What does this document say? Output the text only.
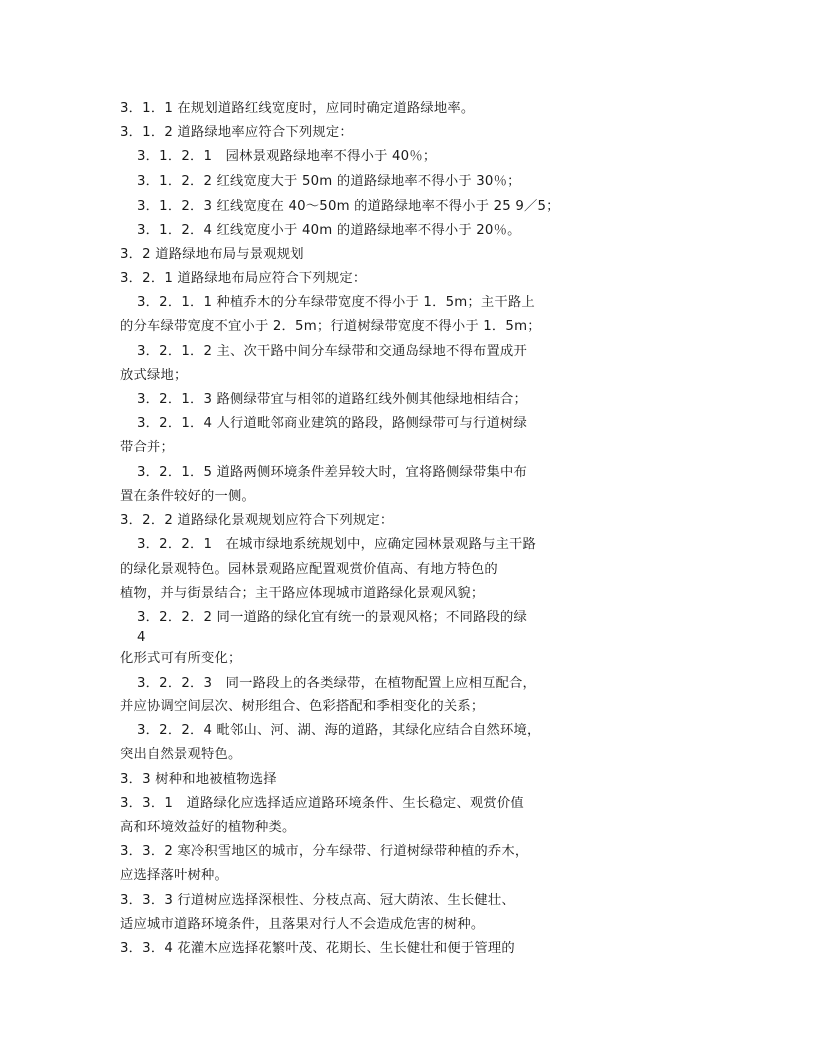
3．1．1 在规划道路红线宽度时，应同时确定道路绿地率。
3．1．2 道路绿地率应符合下列规定：
3．1．2．1　园林景观路绿地率不得小于 40％；
3．1．2．2 红线宽度大于 50m 的道路绿地率不得小于 30％；
3．1．2．3 红线宽度在 40～50m 的道路绿地率不得小于 25 9／5；
3．1．2．4 红线宽度小于 40m 的道路绿地率不得小于 20％。
3．2 道路绿地布局与景观规划
3．2．1 道路绿地布局应符合下列规定：
3．2．1．1 种植乔木的分车绿带宽度不得小于 1．5m；主干路上
的分车绿带宽度不宜小于 2．5m；行道树绿带宽度不得小于 1．5m；
3．2．1．2 主、次干路中间分车绿带和交通岛绿地不得布置成开
放式绿地；
3．2．1．3 路侧绿带宜与相邻的道路红线外侧其他绿地相结合；
3．2．1．4 人行道毗邻商业建筑的路段，路侧绿带可与行道树绿
带合并；
3．2．1．5 道路两侧环境条件差异较大时，宜将路侧绿带集中布
置在条件较好的一侧。
3．2．2 道路绿化景观规划应符合下列规定：
3．2．2．1　在城市绿地系统规划中，应确定园林景观路与主干路
的绿化景观特色。园林景观路应配置观赏价值高、有地方特色的
植物，并与街景结合；主干路应体现城市道路绿化景观风貌；
3．2．2．2 同一道路的绿化宜有统一的景观风格；不同路段的绿
4
化形式可有所变化；
3．2．2．3　同一路段上的各类绿带，在植物配置上应相互配合，
并应协调空间层次、树形组合、色彩搭配和季相变化的关系；
3．2．2．4 毗邻山、河、湖、海的道路，其绿化应结合自然环境，
突出自然景观特色。
3．3 树种和地被植物选择
3．3．1　道路绿化应选择适应道路环境条件、生长稳定、观赏价值
高和环境效益好的植物种类。
3．3．2 寒冷积雪地区的城市，分车绿带、行道树绿带种植的乔木，
应选择落叶树种。
3．3．3 行道树应选择深根性、分枝点高、冠大荫浓、生长健壮、
适应城市道路环境条件，且落果对行人不会造成危害的树种。
3．3．4 花灌木应选择花繁叶茂、花期长、生长健壮和便于管理的
